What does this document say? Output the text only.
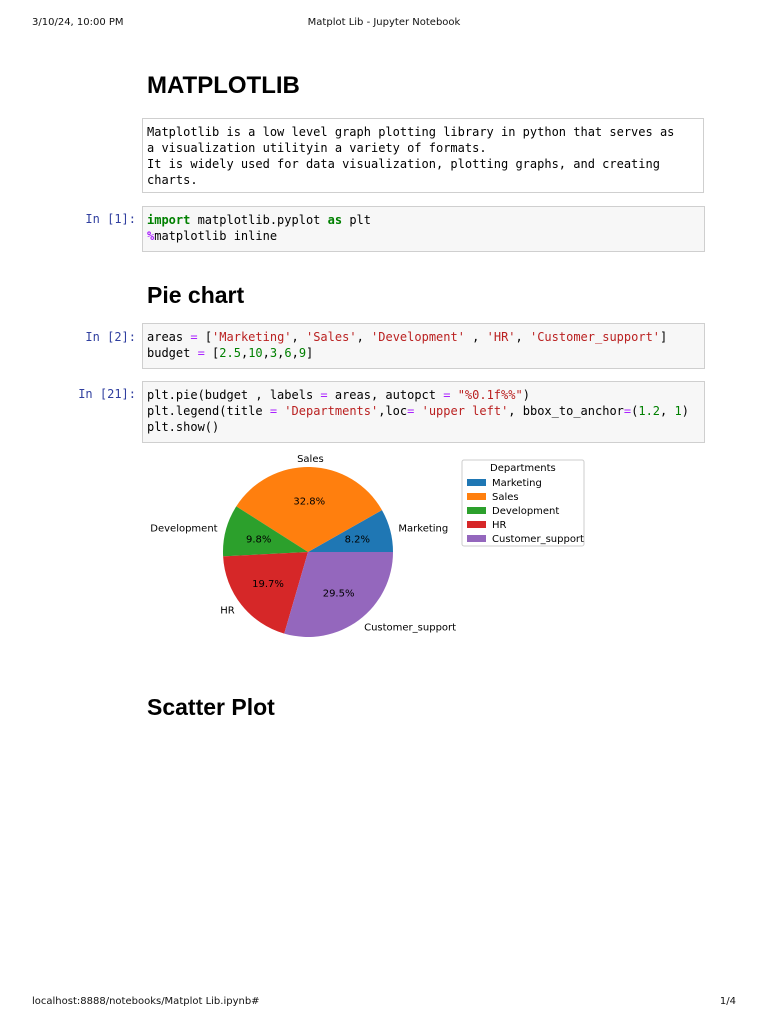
3/10/24, 10:00 PM	Matplot Lib - Jupyter Notebook
MATPLOTLIB
Matplotlib is a low level graph plotting library in python that serves as
a visualization utilityin a variety of formats.
It is widely used for data visualization, plotting graphs, and creating
charts.
In [1]: import matplotlib.pyplot as plt
%matplotlib inline
Pie chart
In [2]: areas = ['Marketing', 'Sales', 'Development' , 'HR', 'Customer_support']
budget = [2.5,10,3,6,9]
In [21]: plt.pie(budget , labels = areas, autopct = "%0.1f%%")
plt.legend(title = 'Departments',loc= 'upper left', bbox_to_anchor=(1.2, 1)
plt.show()
8.2%
Marketing
32.8%
Sales
9.8%
Development
19.7%
HR
29.5%
Customer_support
Departments
Marketing
Sales
Development
HR
Customer_support
Scatter Plot
localhost:8888/notebooks/Matplot Lib.ipynb#	1/4
